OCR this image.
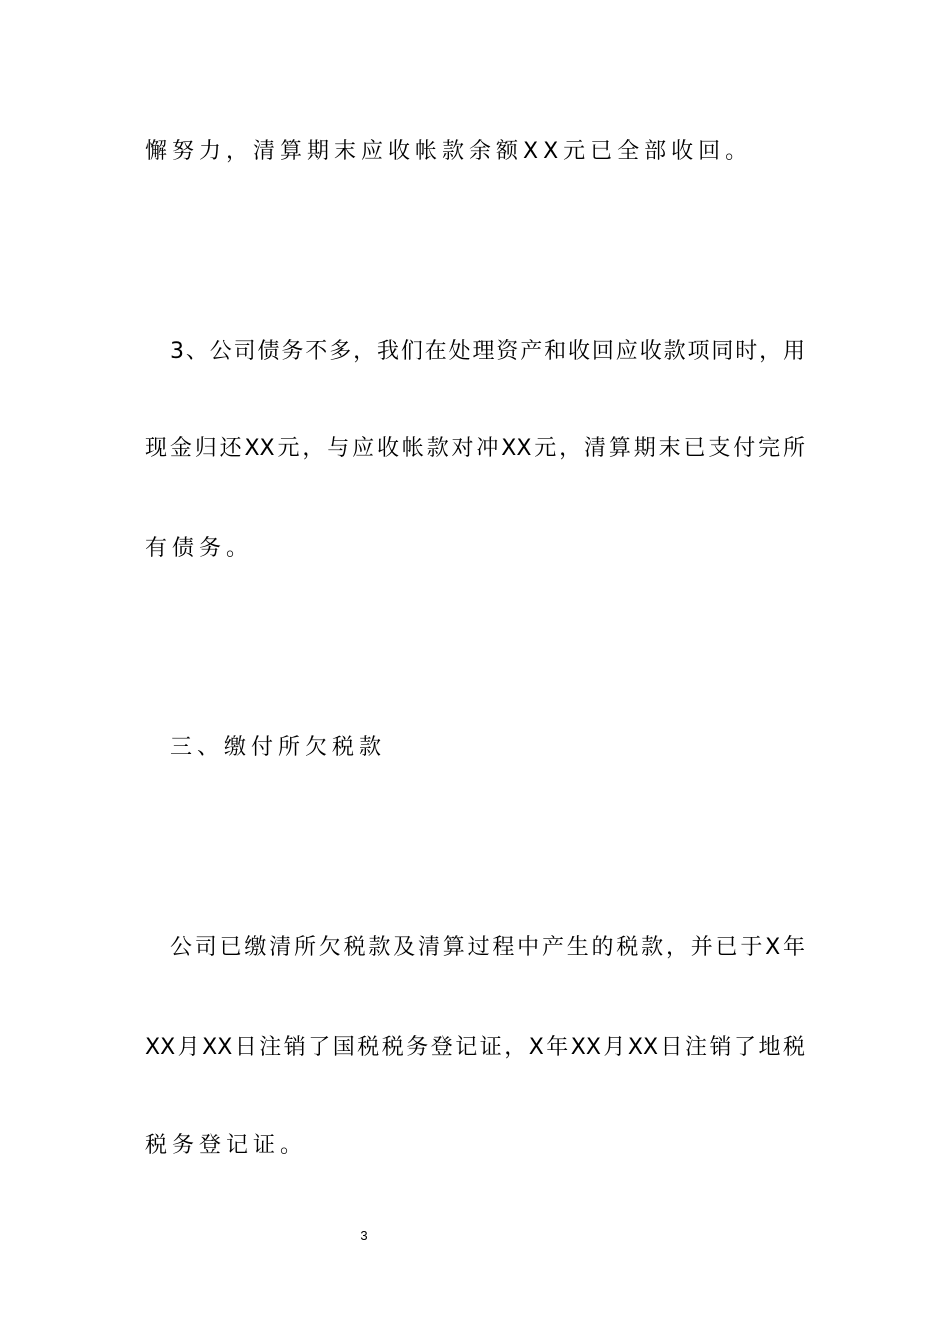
懈努力，清算期末应收帐款余额XX元已全部收回。
3、公司债务不多，我们在处理资产和收回应收款项同时，用
现金归还XX元，与应收帐款对冲XX元，清算期末已支付完所
有债务。
三、缴付所欠税款
公司已缴清所欠税款及清算过程中产生的税款，并已于X年
XX月XX日注销了国税税务登记证，X年XX月XX日注销了地税
税务登记证。
3
